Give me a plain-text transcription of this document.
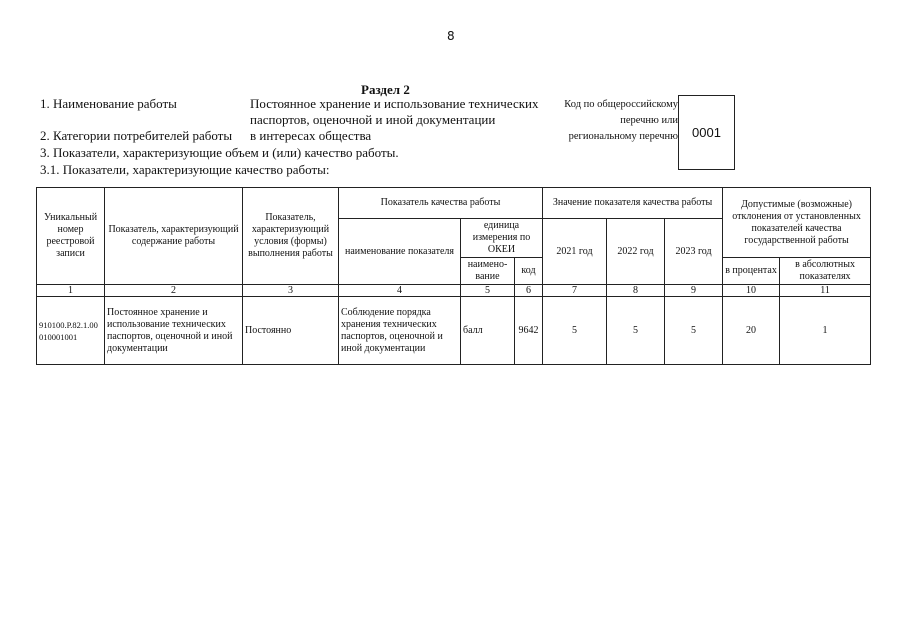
8
Раздел 2
1. Наименование работы	Постоянное хранение и использование технических
паспортов, оценочной и иной документации
2. Категории потребителей работы в интересах общества
3. Показатели, характеризующие объем и (или) качество работы.
3.1. Показатели, характеризующие качество работы:
Код по общероссийскому
перечню или
региональному перечню 0001
Уникальный номер реестровой записи	Показатель, характеризующий содержание работы	Показатель, характеризующий условия (формы) выполнения работы	Показатель качества работы			Значение показателя качества работы			Допустимые (возможные) отклонения от установленных показателей качества государственной работы	
			наименование показателя	единица измерения по ОКЕИ		2021 год	2022 год	2023 год		
				наимено-вание	код				в процентах	в абсолютных показателях
1	2	3	4	5	6	7	8	9	10	11
910100.Р.82.1.00010001001	Постоянное хранение и использование технических паспортов, оценочной и иной документации	Постоянно	Соблюдение порядка хранения технических паспортов, оценочной и иной документации	балл	9642	5	5	5	20	1
